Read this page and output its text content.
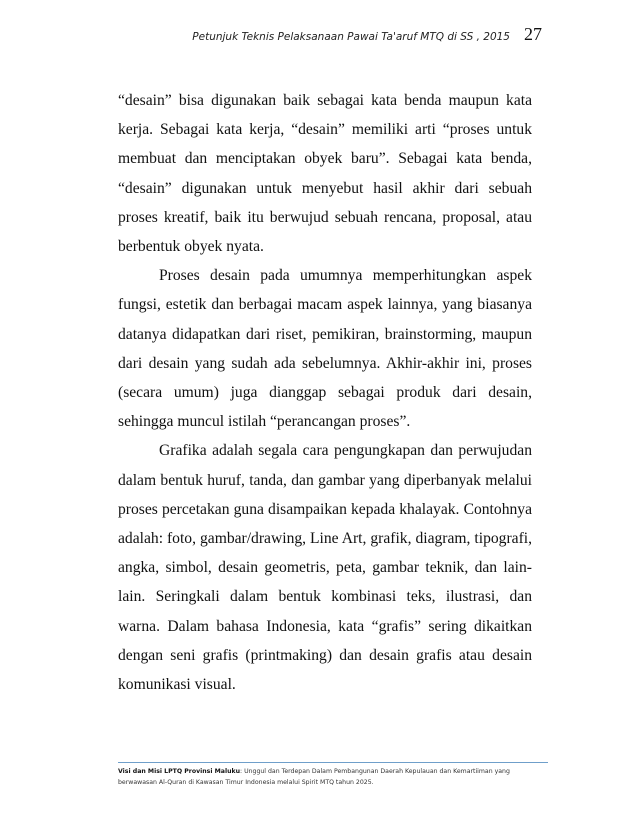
Petunjuk Teknis Pelaksanaan Pawai Ta'aruf MTQ di SS , 2015 27

“desain” bisa digunakan baik sebagai kata benda maupun kata kerja. Sebagai kata kerja, “desain” memiliki arti “proses untuk membuat dan menciptakan obyek baru”. Sebagai kata benda, “desain” digunakan untuk menyebut hasil akhir dari sebuah proses kreatif, baik itu berwujud sebuah rencana, proposal, atau berbentuk obyek nyata.

Proses desain pada umumnya memperhitungkan aspek fungsi, estetik dan berbagai macam aspek lainnya, yang biasanya datanya didapatkan dari riset, pemikiran, brainstorming, maupun dari desain yang sudah ada sebelumnya. Akhir-akhir ini, proses (secara umum) juga dianggap sebagai produk dari desain, sehingga muncul istilah “perancangan proses”.

Grafika adalah segala cara pengungkapan dan perwujudan dalam bentuk huruf, tanda, dan gambar yang diperbanyak melalui proses percetakan guna disampaikan kepada khalayak. Contohnya adalah: foto, gambar/drawing, Line Art, grafik, diagram, tipografi, angka, simbol, desain geometris, peta, gambar teknik, dan lain-lain. Seringkali dalam bentuk kombinasi teks, ilustrasi, dan warna. Dalam bahasa Indonesia, kata “grafis” sering dikaitkan dengan seni grafis (printmaking) dan desain grafis atau desain komunikasi visual.

Visi dan Misi LPTQ Provinsi Maluku: Unggul dan Terdepan Dalam Pembangunan Daerah Kepulauan dan Kemartiiman yang berwawasan Al-Quran di Kawasan Timur Indonesia melalui Spirit MTQ tahun 2025.
